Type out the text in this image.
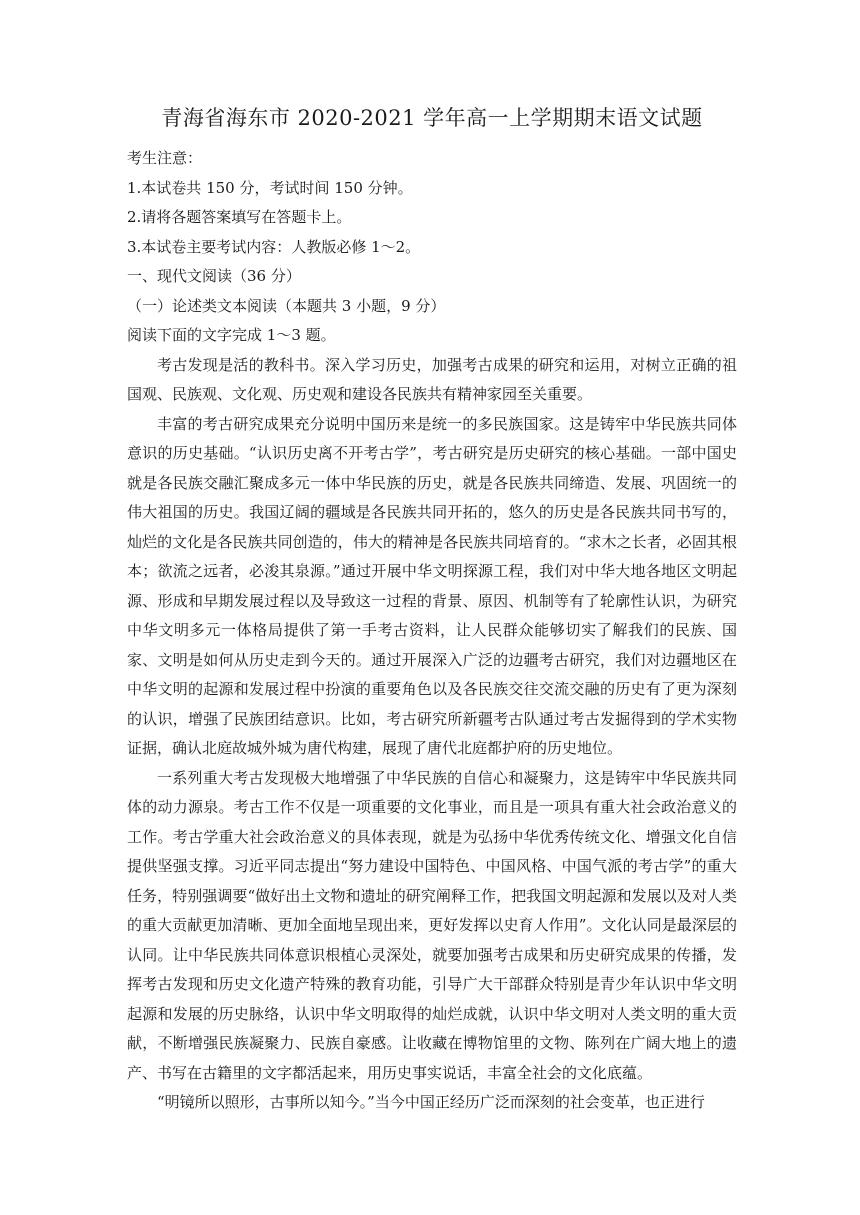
青海省海东市 2020-2021 学年高一上学期期末语文试题

考生注意：

1.本试卷共 150 分，考试时间 150 分钟。

2.请将各题答案填写在答题卡上。

3.本试卷主要考试内容：人教版必修 1～2。

一、现代文阅读（36 分）

（一）论述类文本阅读（本题共 3 小题，9 分）

阅读下面的文字完成 1～3 题。

考古发现是活的教科书。深入学习历史，加强考古成果的研究和运用，对树立正确的祖国观、民族观、文化观、历史观和建设各民族共有精神家园至关重要。

丰富的考古研究成果充分说明中国历来是统一的多民族国家。这是铸牢中华民族共同体意识的历史基础。“认识历史离不开考古学”，考古研究是历史研究的核心基础。一部中国史就是各民族交融汇聚成多元一体中华民族的历史，就是各民族共同缔造、发展、巩固统一的伟大祖国的历史。我国辽阔的疆域是各民族共同开拓的，悠久的历史是各民族共同书写的，灿烂的文化是各民族共同创造的，伟大的精神是各民族共同培育的。“求木之长者，必固其根本；欲流之远者，必浚其泉源。”通过开展中华文明探源工程，我们对中华大地各地区文明起源、形成和早期发展过程以及导致这一过程的背景、原因、机制等有了轮廓性认识，为研究中华文明多元一体格局提供了第一手考古资料，让人民群众能够切实了解我们的民族、国家、文明是如何从历史走到今天的。通过开展深入广泛的边疆考古研究，我们对边疆地区在中华文明的起源和发展过程中扮演的重要角色以及各民族交往交流交融的历史有了更为深刻的认识，增强了民族团结意识。比如，考古研究所新疆考古队通过考古发掘得到的学术实物证据，确认北庭故城外城为唐代构建，展现了唐代北庭都护府的历史地位。

一系列重大考古发现极大地增强了中华民族的自信心和凝聚力，这是铸牢中华民族共同体的动力源泉。考古工作不仅是一项重要的文化事业，而且是一项具有重大社会政治意义的工作。考古学重大社会政治意义的具体表现，就是为弘扬中华优秀传统文化、增强文化自信提供坚强支撑。习近平同志提出“努力建设中国特色、中国风格、中国气派的考古学”的重大任务，特别强调要“做好出土文物和遗址的研究阐释工作，把我国文明起源和发展以及对人类的重大贡献更加清晰、更加全面地呈现出来，更好发挥以史育人作用”。文化认同是最深层的认同。让中华民族共同体意识根植心灵深处，就要加强考古成果和历史研究成果的传播，发挥考古发现和历史文化遗产特殊的教育功能，引导广大干部群众特别是青少年认识中华文明起源和发展的历史脉络，认识中华文明取得的灿烂成就，认识中华文明对人类文明的重大贡献，不断增强民族凝聚力、民族自豪感。让收藏在博物馆里的文物、陈列在广阔大地上的遗产、书写在古籍里的文字都活起来，用历史事实说话，丰富全社会的文化底蕴。

“明镜所以照形，古事所以知今。”当今中国正经历广泛而深刻的社会变革，也正进行
